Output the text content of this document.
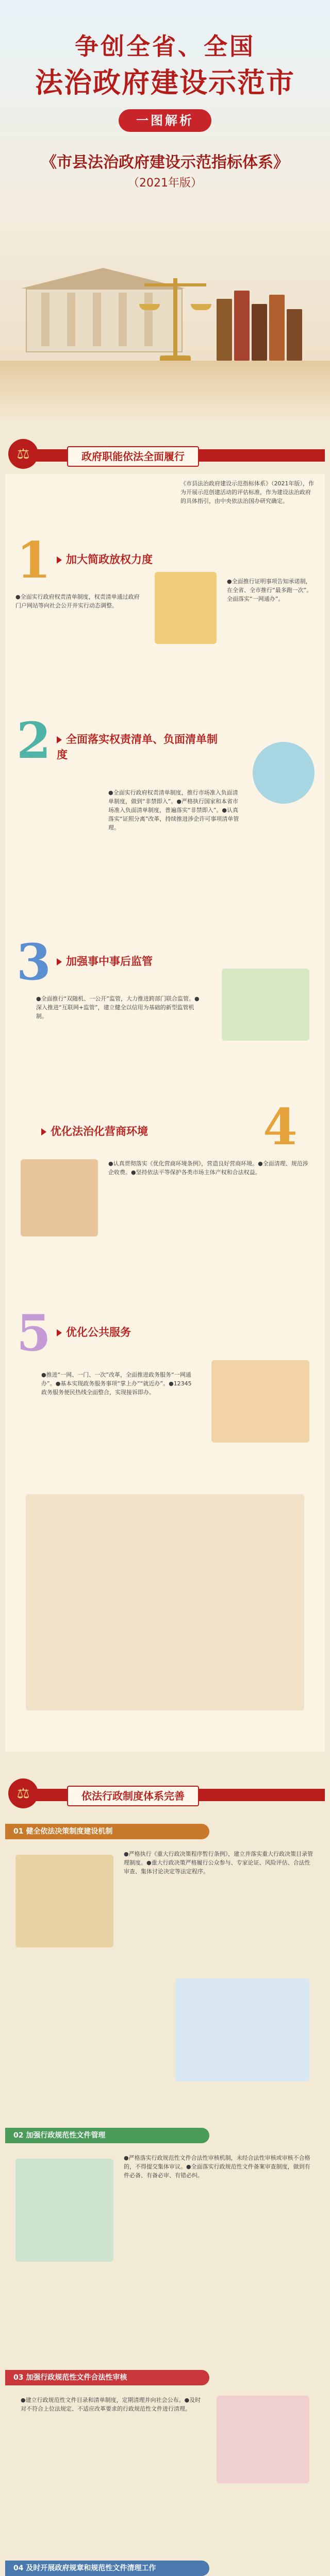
争创全省、全国
法治政府建设示范市
一图解析
《市县法治政府建设示范指标体系》
（2021年版）
⚖	政府职能依法全面履行
《市县法治政府建设示范指标体系》（2021年版），作为开展示范创建活动的评估标准，作为建设法治政府的具体指引，由中央依法治国办研究确定。
1	加大简政放权力度
●全面实行政府权责清单制度，权责清单通过政府门户网站等向社会公开并实行动态调整。
●全面推行证明事项告知承诺制，在全省、全市推行“最多跑一次”。全面落实“一网通办”。
2	全面落实权责清单、负面清单制度
●全面实行政府权责清单制度，推行市场准入负面清单制度，做到“非禁即入”。●严格执行国家和本省市场准入负面清单制度，普遍落实“非禁即入”。●认真落实“证照分离”改革，持续推进涉企许可事项清单管理。
3	加强事中事后监管
●全面推行“双随机、一公开”监管，大力推进跨部门联合监管。●深入推进“互联网+监管”，建立健全以信用为基础的新型监管机制。
优化法治化营商环境 4
●认真贯彻落实《优化营商环境条例》，营造良好营商环境。●全面清理、规范涉企收费。●坚持依法平等保护各类市场主体产权和合法权益。
5	优化公共服务
●推进“一网、一门、一次”改革，全面推进政务服务“一网通办”。●基本实现政务服务事项“掌上办”“就近办”。●12345政务服务便民热线全面整合，实现接诉即办。
⚖	依法行政制度体系完善
01 健全依法决策制度建设机制
●严格执行《重大行政决策程序暂行条例》，建立并落实重大行政决策目录管理制度。●重大行政决策严格履行公众参与、专家论证、风险评估、合法性审查、集体讨论决定等法定程序。
02 加强行政规范性文件管理
●严格落实行政规范性文件合法性审核机制，未经合法性审核或审核不合格的，不得提交集体审议。●全面落实行政规范性文件备案审查制度，做到有件必备、有备必审、有错必纠。
03 加强行政规范性文件合法性审核
●建立行政规范性文件目录和清单制度，定期清理并向社会公布。●及时对不符合上位法规定、不适应改革要求的行政规范性文件进行清理。
04 及时开展政府规章和规范性文件清理工作
